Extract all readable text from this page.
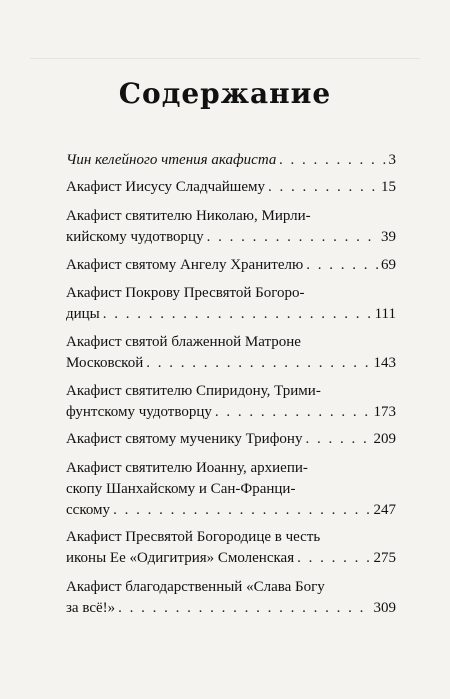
Содержание
Чин келейного чтения акафиста . . .	3
Акафист Иисусу Сладчайшему . . .	15
Акафист святителю Николаю, Мирли-
кийскому чудотворцу . . .	39
Акафист святому Ангелу Хранителю . . .	69
Акафист Покрову Пресвятой Богоро-
дицы . . .	111
Акафист святой блаженной Матроне
Московской . . .	143
Акафист святителю Спиридону, Трими-
фунтскому чудотворцу . . .	173
Акафист святому мученику Трифону . . .	209
Акафист святителю Иоанну, архиепи-
скопу Шанхайскому и Сан-Франци-
сскому . . .	247
Акафист Пресвятой Богородице в честь
иконы Ее «Одигитрия» Смоленская . . .	275
Акафист благодарственный «Слава Богу
за всё!» . . .	309
